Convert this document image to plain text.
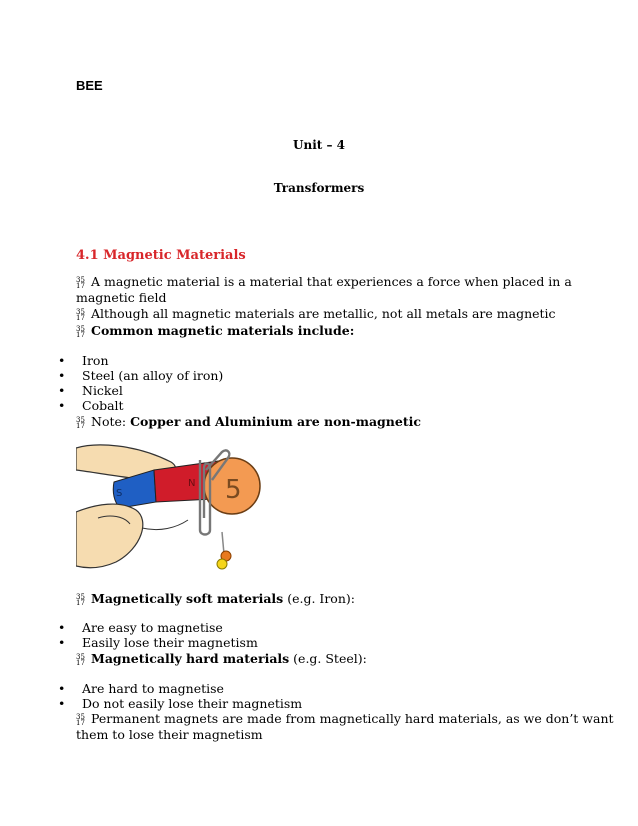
BEE
Unit – 4
Transformers
4.1 Magnetic Materials
35
17 A magnetic material is a material that experiences a force when placed in a
magnetic field
35
17 Although all magnetic materials are metallic, not all metals are magnetic
35
17 Common magnetic materials include:
• Iron
• Steel (an alloy of iron)
• Nickel
• Cobalt
35
17 Note: Copper and Aluminium are non-magnetic
5
S
N
35
17 Magnetically soft materials (e.g. Iron):
• Are easy to magnetise
• Easily lose their magnetism
35
17 Magnetically hard materials (e.g. Steel):
• Are hard to magnetise
• Do not easily lose their magnetism
35
17 Permanent magnets are made from magnetically hard materials, as we don’t want
them to lose their magnetism
